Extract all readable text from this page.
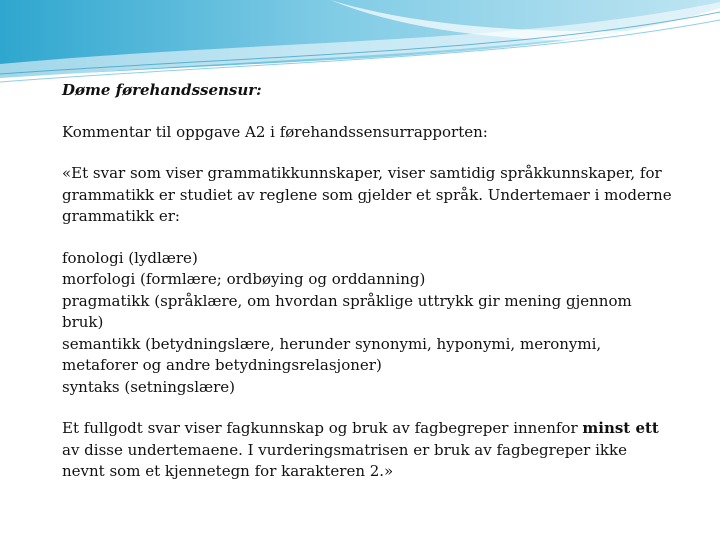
Døme førehandssensur:

Kommentar til oppgave A2 i førehandssensurrapporten:

«Et svar som viser grammatikkunnskaper, viser samtidig språkkunnskaper, for grammatikk er studiet av reglene som gjelder et språk. Undertemaer i moderne grammatikk er:

fonologi (lydlære)
morfologi (formlære; ordbøying og orddanning)
pragmatikk (språklære, om hvordan språklige uttrykk gir mening gjennom bruk)
semantikk (betydningslære, herunder synonymi, hyponymi, meronymi, metaforer og andre betydningsrelasjoner)
syntaks (setningslære)

Et fullgodt svar viser fagkunnskap og bruk av fagbegreper innenfor minst ett av disse undertemaene. I vurderingsmatrisen er bruk av fagbegreper ikke nevnt som et kjennetegn for karakteren 2.»
